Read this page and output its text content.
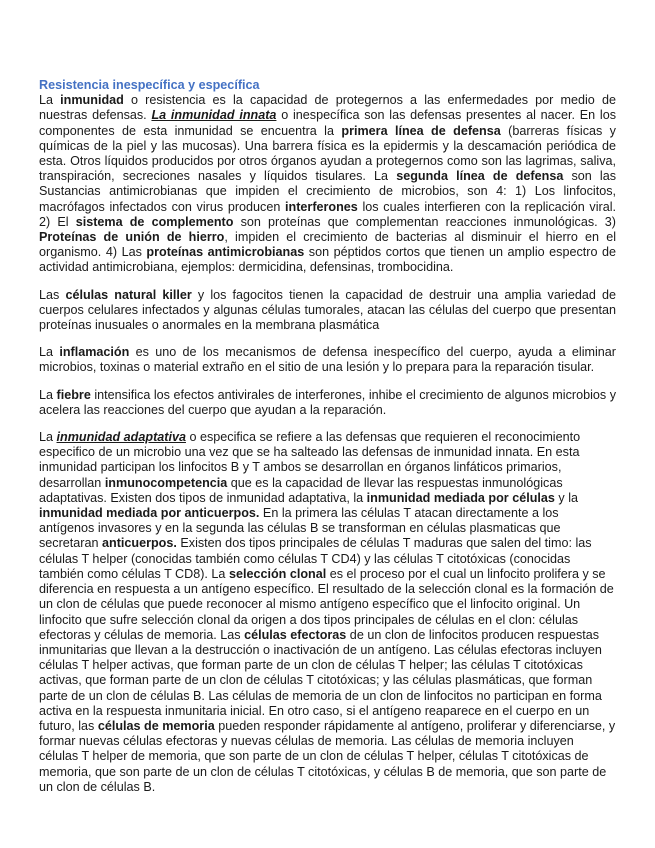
Resistencia inespecífica y específica

La inmunidad o resistencia es la capacidad de protegernos a las enfermedades por medio de nuestras defensas. La inmunidad innata o inespecífica son las defensas presentes al nacer. En los componentes de esta inmunidad se encuentra la primera línea de defensa (barreras físicas y químicas de la piel y las mucosas). Una barrera física es la epidermis y la descamación periódica de esta. Otros líquidos producidos por otros órganos ayudan a protegernos como son las lagrimas, saliva, transpiración, secreciones nasales y líquidos tisulares. La segunda línea de defensa son las Sustancias antimicrobianas que impiden el crecimiento de microbios, son 4: 1) Los linfocitos, macrófagos infectados con virus producen interferones los cuales interfieren con la replicación viral. 2) El sistema de complemento son proteínas que complementan reacciones inmunológicas. 3) Proteínas de unión de hierro, impiden el crecimiento de bacterias al disminuir el hierro en el organismo. 4) Las proteínas antimicrobianas son péptidos cortos que tienen un amplio espectro de actividad antimicrobiana, ejemplos: dermicidina, defensinas, trombocidina.

Las células natural killer y los fagocitos tienen la capacidad de destruir una amplia variedad de cuerpos celulares infectados y algunas células tumorales, atacan las células del cuerpo que presentan proteínas inusuales o anormales en la membrana plasmática

La inflamación es uno de los mecanismos de defensa inespecífico del cuerpo, ayuda a eliminar microbios, toxinas o material extraño en el sitio de una lesión y lo prepara para la reparación tisular.

La fiebre intensifica los efectos antivirales de interferones, inhibe el crecimiento de algunos microbios y acelera las reacciones del cuerpo que ayudan a la reparación.

La inmunidad adaptativa o especifica se refiere a las defensas que requieren el reconocimiento especifico de un microbio una vez que se ha salteado las defensas de inmunidad innata. En esta inmunidad participan los linfocitos B y T ambos se desarrollan en órganos linfáticos primarios, desarrollan inmunocompetencia que es la capacidad de llevar las respuestas inmunológicas adaptativas. Existen dos tipos de inmunidad adaptativa, la inmunidad mediada por células y la inmunidad mediada por anticuerpos. En la primera las células T atacan directamente a los antígenos invasores y en la segunda las células B se transforman en células plasmaticas que secretaran anticuerpos. Existen dos tipos principales de células T maduras que salen del timo: las células T helper (conocidas también como células T CD4) y las células T citotóxicas (conocidas también como células T CD8). La selección clonal es el proceso por el cual un linfocito prolifera y se diferencia en respuesta a un antígeno específico. El resultado de la selección clonal es la formación de un clon de células que puede reconocer al mismo antígeno específico que el linfocito original. Un linfocito que sufre selección clonal da origen a dos tipos principales de células en el clon: células efectoras y células de memoria. Las células efectoras de un clon de linfocitos producen respuestas inmunitarias que llevan a la destrucción o inactivación de un antígeno. Las células efectoras incluyen células T helper activas, que forman parte de un clon de células T helper; las células T citotóxicas activas, que forman parte de un clon de células T citotóxicas; y las células plasmáticas, que forman parte de un clon de células B. Las células de memoria de un clon de linfocitos no participan en forma activa en la respuesta inmunitaria inicial. En otro caso, si el antígeno reaparece en el cuerpo en un futuro, las células de memoria pueden responder rápidamente al antígeno, proliferar y diferenciarse, y formar nuevas células efectoras y nuevas células de memoria. Las células de memoria incluyen células T helper de memoria, que son parte de un clon de células T helper, células T citotóxicas de memoria, que son parte de un clon de células T citotóxicas, y células B de memoria, que son parte de un clon de células B.
